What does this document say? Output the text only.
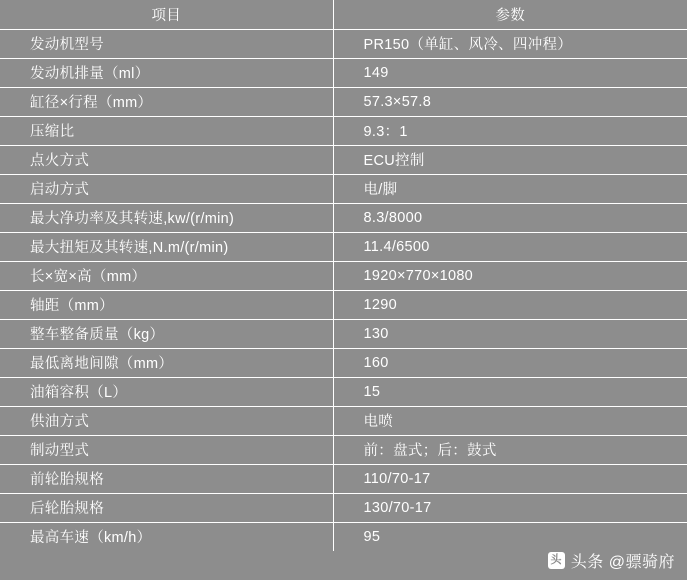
项目	参数
发动机型号	PR150（单缸、风冷、四冲程）
发动机排量（ml）	149
缸径×行程（mm）	57.3×57.8
压缩比	9.3：1
点火方式	ECU控制
启动方式	电/脚
最大净功率及其转速,kw/(r/min)	8.3/8000
最大扭矩及其转速,N.m/(r/min)	11.4/6500
长×宽×高（mm）	1920×770×1080
轴距（mm）	1290
整车整备质量（kg）	130
最低离地间隙（mm）	160
油箱容积（L）	15
供油方式	电喷
制动型式	前：盘式；后：鼓式
前轮胎规格	110/70-17
后轮胎规格	130/70-17
最高车速（km/h）	95
头 头条 @骠骑府
